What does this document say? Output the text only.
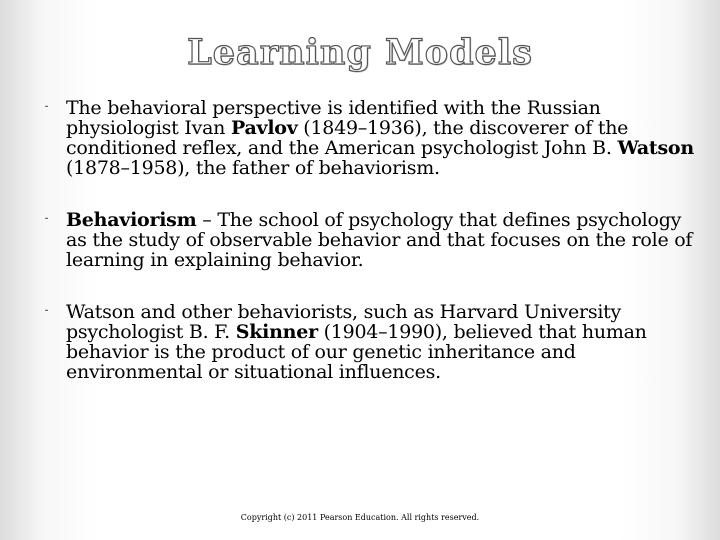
Learning Models
⁃ The behavioral perspective is identified with the Russian physiologist Ivan Pavlov (1849–1936), the discoverer of the conditioned reflex, and the American psychologist John B. Watson (1878–1958), the father of behaviorism.
⁃ Behaviorism – The school of psychology that defines psychology as the study of observable behavior and that focuses on the role of learning in explaining behavior.
⁃ Watson and other behaviorists, such as Harvard University psychologist B. F. Skinner (1904–1990), believed that human behavior is the product of our genetic inheritance and environmental or situational influences.
Copyright (c) 2011 Pearson Education. All rights reserved.
